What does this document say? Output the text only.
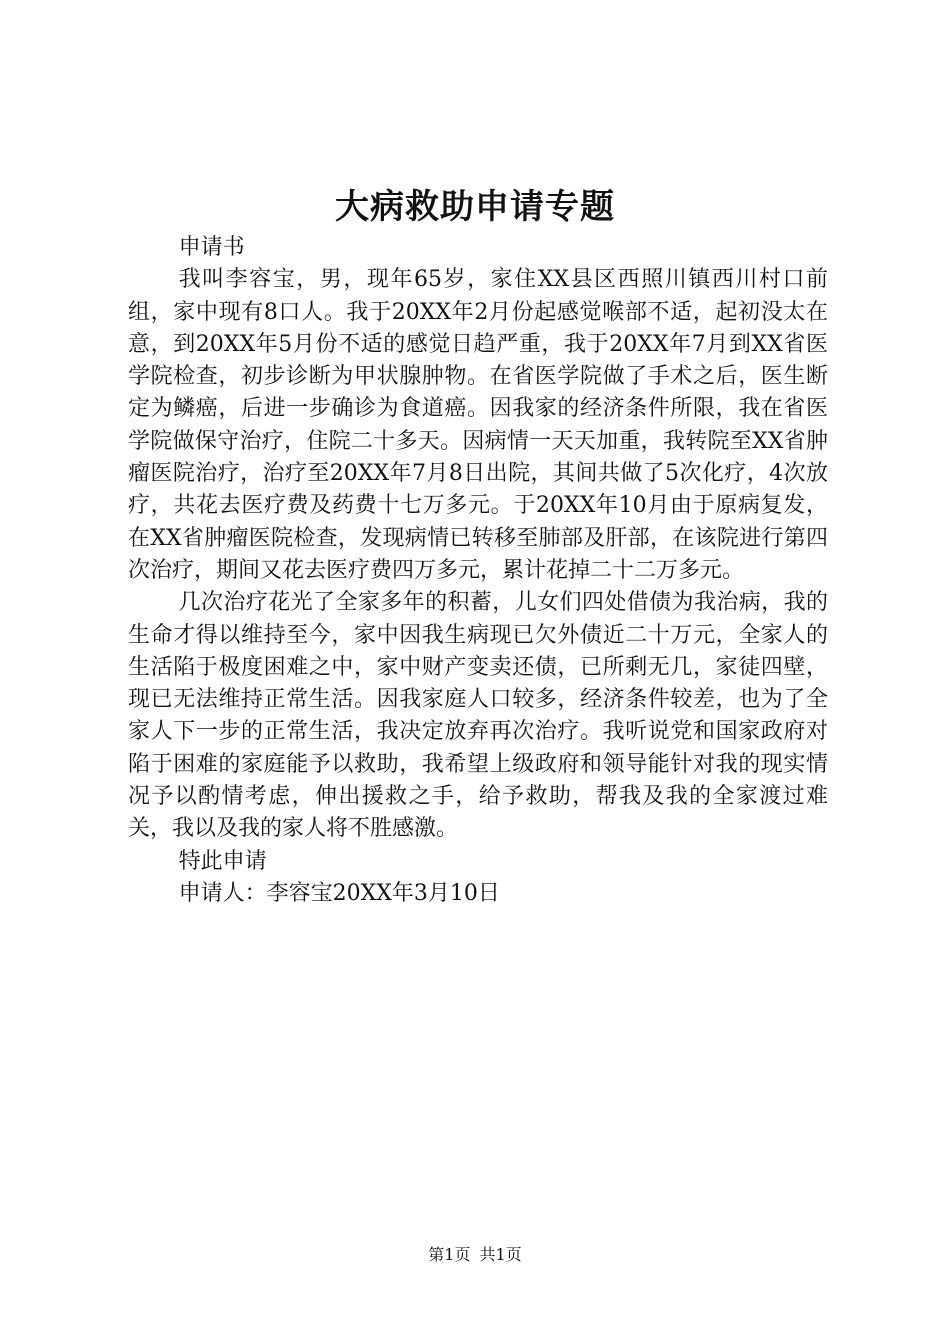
大病救助申请专题

申请书

我叫李容宝，男，现年65岁，家住XX县区西照川镇西川村口前组，家中现有8口人。我于20XX年2月份起感觉喉部不适，起初没太在意，到20XX年5月份不适的感觉日趋严重，我于20XX年7月到XX省医学院检查，初步诊断为甲状腺肿物。在省医学院做了手术之后，医生断定为鳞癌，后进一步确诊为食道癌。因我家的经济条件所限，我在省医学院做保守治疗，住院二十多天。因病情一天天加重，我转院至XX省肿瘤医院治疗，治疗至20XX年7月8日出院，其间共做了5次化疗，4次放疗，共花去医疗费及药费十七万多元。于20XX年10月由于原病复发，在XX省肿瘤医院检查，发现病情已转移至肺部及肝部，在该院进行第四次治疗，期间又花去医疗费四万多元，累计花掉二十二万多元。

几次治疗花光了全家多年的积蓄，儿女们四处借债为我治病，我的生命才得以维持至今，家中因我生病现已欠外债近二十万元，全家人的生活陷于极度困难之中，家中财产变卖还债，已所剩无几，家徒四壁，现已无法维持正常生活。因我家庭人口较多，经济条件较差，也为了全家人下一步的正常生活，我决定放弃再次治疗。我听说党和国家政府对陷于困难的家庭能予以救助，我希望上级政府和领导能针对我的现实情况予以酌情考虑，伸出援救之手，给予救助，帮我及我的全家渡过难关，我以及我的家人将不胜感激。

特此申请

申请人：李容宝20XX年3月10日

第1页 共1页
